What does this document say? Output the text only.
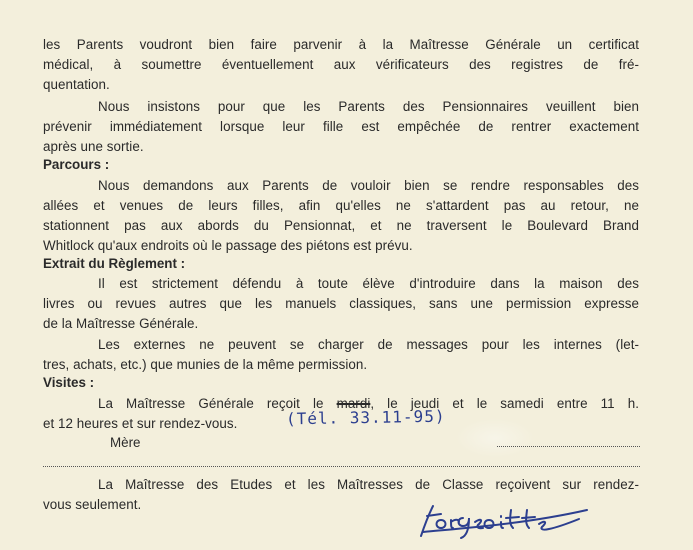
les Parents voudront bien faire parvenir à la Maîtresse Générale un certificat
médical, à soumettre éventuellement aux vérificateurs des registres de fré-
quentation.
Nous insistons pour que les Parents des Pensionnaires veuillent bien
prévenir immédiatement lorsque leur fille est empêchée de rentrer exactement
après une sortie.
Parcours :
Nous demandons aux Parents de vouloir bien se rendre responsables des
allées et venues de leurs filles, afin qu'elles ne s'attardent pas au retour, ne
stationnent pas aux abords du Pensionnat, et ne traversent le Boulevard Brand
Whitlock qu'aux endroits où le passage des piétons est prévu.
Extrait du Règlement :
Il est strictement défendu à toute élève d'introduire dans la maison des
livres ou revues autres que les manuels classiques, sans une permission expresse
de la Maîtresse Générale.
Les externes ne peuvent se charger de messages pour les internes (let-
tres, achats, etc.) que munies de la même permission.
Visites :
La Maîtresse Générale reçoit le mardi, le jeudi et le samedi entre 11 h.
et 12 heures et sur rendez-vous.	(Tél. 33.11-95)
Mère
La Maîtresse des Etudes et les Maîtresses de Classe reçoivent sur rendez-
vous seulement.
